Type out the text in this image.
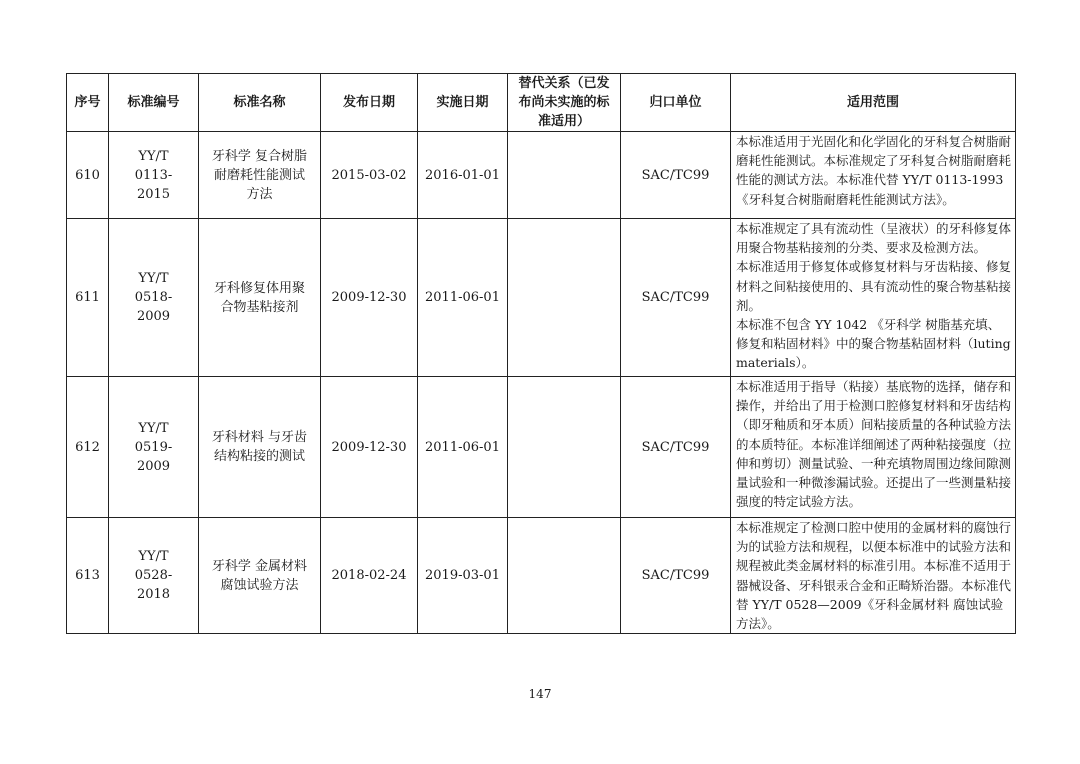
序号	标准编号	标准名称	发布日期	实施日期	替代关系（已发布尚未实施的标准适用）	归口单位	适用范围
610	YY/T 0113-2015	牙科学 复合树脂耐磨耗性能测试方法	2015-03-02	2016-01-01		SAC/TC99	本标准适用于光固化和化学固化的牙科复合树脂耐磨耗性能测试。本标准规定了牙科复合树脂耐磨耗性能的测试方法。本标准代替 YY/T 0113-1993《牙科复合树脂耐磨耗性能测试方法》。

611	YY/T 0518-2009	牙科修复体用聚合物基粘接剂	2009-12-30	2011-06-01		SAC/TC99	本标准规定了具有流动性（呈液状）的牙科修复体用聚合物基粘接剂的分类、要求及检测方法。

本标准适用于修复体或修复材料与牙齿粘接、修复材料之间粘接使用的、具有流动性的聚合物基粘接剂。

本标准不包含 YY 1042 《牙科学 树脂基充填、修复和粘固材料》中的聚合物基粘固材料（luting materials）。

612	YY/T 0519-2009	牙科材料 与牙齿结构粘接的测试	2009-12-30	2011-06-01		SAC/TC99	本标准适用于指导（粘接）基底物的选择，储存和操作，并给出了用于检测口腔修复材料和牙齿结构（即牙釉质和牙本质）间粘接质量的各种试验方法的本质特征。本标准详细阐述了两种粘接强度（拉伸和剪切）测量试验、一种充填物周围边缘间隙测量试验和一种微渗漏试验。还提出了一些测量粘接强度的特定试验方法。

613	YY/T 0528-2018	牙科学 金属材料腐蚀试验方法	2018-02-24	2019-03-01		SAC/TC99	本标准规定了检测口腔中使用的金属材料的腐蚀行为的试验方法和规程，以便本标准中的试验方法和规程被此类金属材料的标准引用。本标准不适用于器械设备、牙科银汞合金和正畸矫治器。本标准代替 YY/T 0528—2009《牙科金属材料 腐蚀试验方法》。

147
